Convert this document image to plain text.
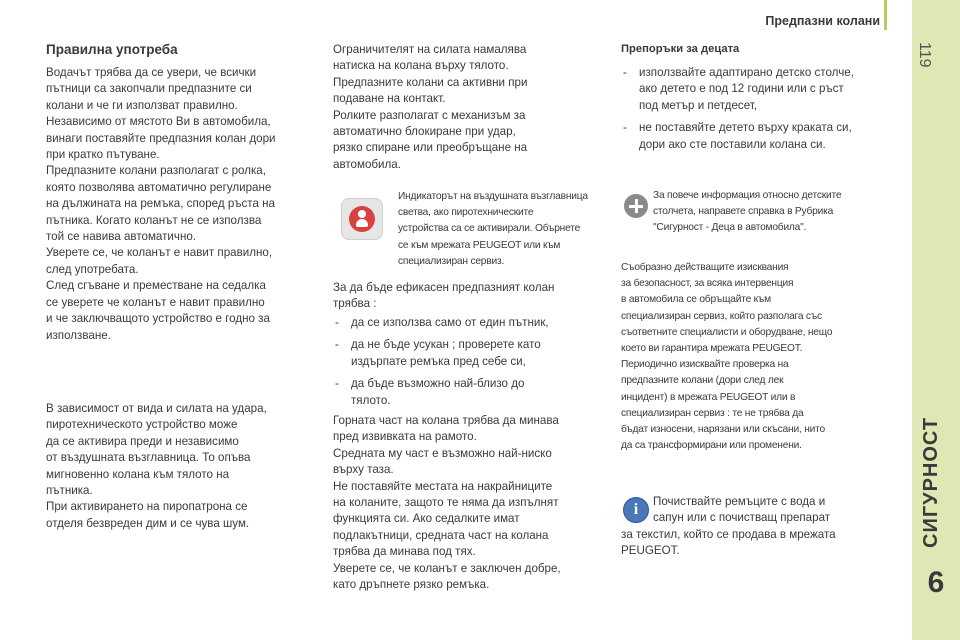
Предпазни колани
119
6
Правилна употреба
Водачът трябва да се увери, че всички
пътници са закопчали предпазните си
колани и че ги използват правилно.
Независимо от мястото Ви в автомобила,
винаги поставяйте предпазния колан дори
при кратко пътуване.
Предпазните колани разполагат с ролка,
която позволява автоматично регулиране
на дължината на ремъка, според ръста на
пътника. Когато коланът не се използва
той се навива автоматично.
Уверете се, че коланът е навит правилно,
след употребата.
След сгъване и преместване на седалка
се уверете че коланът е навит правилно
и че заключващото устройство е годно за
използване.
В зависимост от вида и силата на удара,
пиротехническото устройство може
да се активира преди и независимо
от въздушната възглавница. То опъва
мигновенно колана към тялото на
пътника.
При активирането на пиропатрона се
отделя безвреден дим и се чува шум.
Ограничителят на силата намалява
натиска на колана върху тялото.
Предпазните колани са активни при
подаване на контакт.
Ролките разполагат с механизъм за
автоматично блокиране при удар,
рязко спиране или преобръщане на
автомобила.
Индикаторът на въздушната възглавница
светва, ако пиротехническите
устройства са се активирали. Обърнете
се към мрежата PEUGEOT или към
специализиран сервиз.
За да бъде ефикасен предпазният колан
трябва :
- да се използва само от един пътник,
- да не бъде усукан ; проверете като
издърпате ремъка пред себе си,
- да бъде възможно най-близо до
тялото.
Горната част на колана трябва да минава
пред извивката на рамото.
Средната му част е възможно най-ниско
върху таза.
Не поставяйте местата на накрайниците
на коланите, защото те няма да изпълнят
функцията си. Ако седалките имат
подлакътници, средната част на колана
трябва да минава под тях.
Уверете се, че коланът е заключен добре,
като дръпнете рязко ремъка.
Препоръки за децата
- използвайте адаптирано детско столче,
ако детето е под 12 години или с ръст
под метър и петдесет,
- не поставяйте детето върху краката си,
дори ако сте поставили колана си.
За повече информация относно детските
столчета, направете справка в Рубрика
"Сигурност - Деца в автомобила".
Съобразно действащите изисквания
за безопасност, за всяка интервенция
в автомобила се обръщайте към
специализиран сервиз, който разполага със
съответните специалисти и оборудване, нещо
което ви гарантира мрежата PEUGEOT.
Периодично изисквайте проверка на
предпазните колани (дори след лек
инцидент) в мрежата PEUGEOT или в
специализиран сервиз : те не трябва да
бъдат износени, нарязани или скъсани, нито
да са трансформирани или променени.
i	Почиствайте ремъците с вода и
сапун или с почистващ препарат
за текстил, който се продава в мрежата
PEUGEOT.
